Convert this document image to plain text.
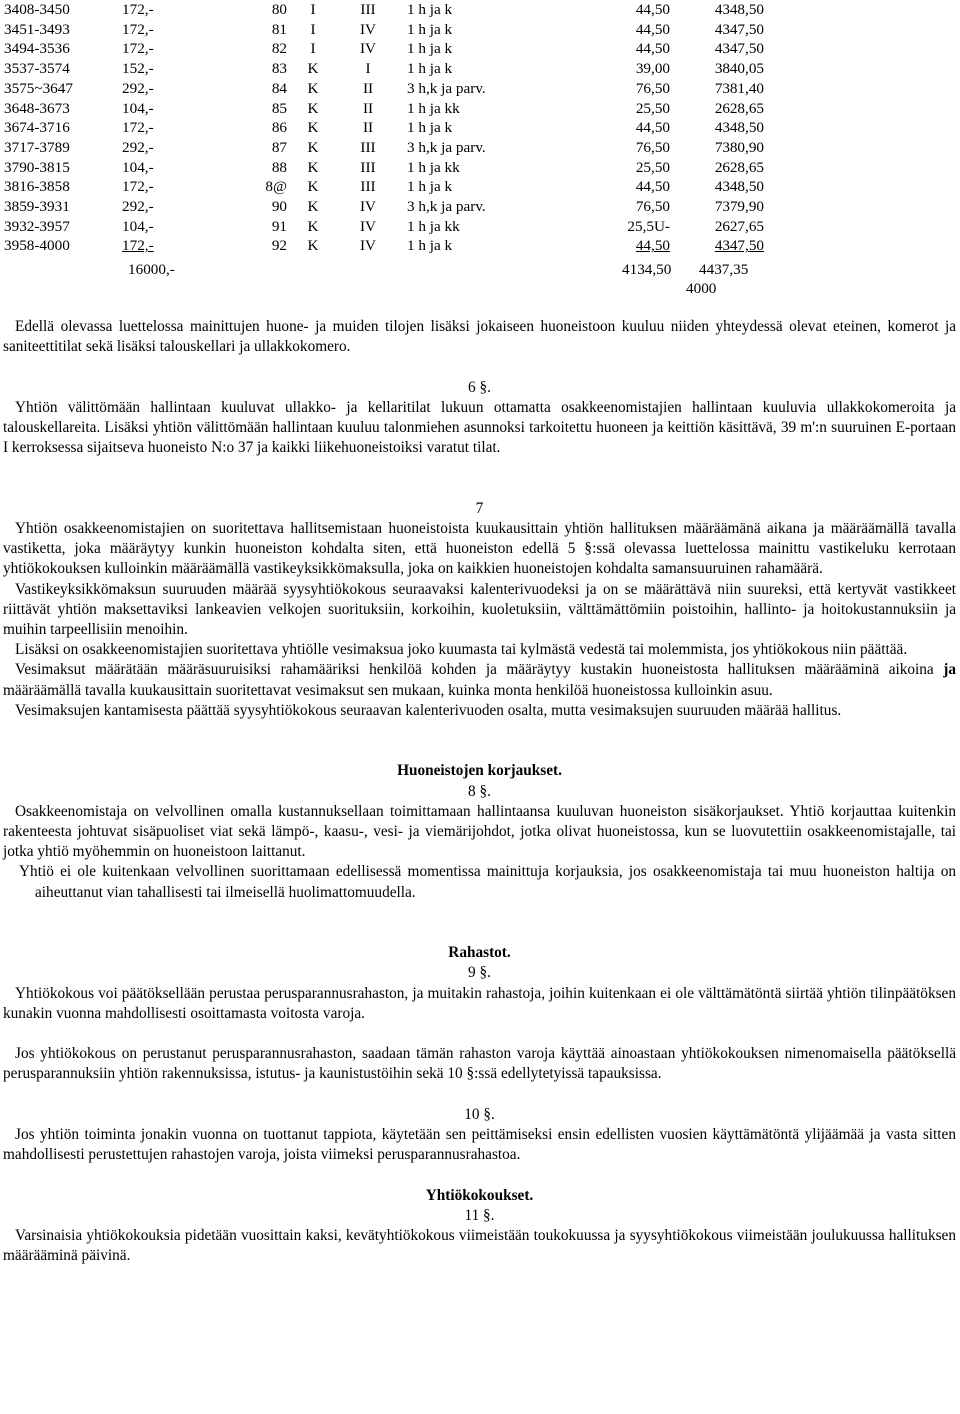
3408-3450	172,-	80 I	III 1 h ja k	44,50	43 48,50
3451-3493	172,-	81 I	IV 1 h ja k	44,50	43 47,50
3494-3536	172,-	82 I	IV 1 h ja k	44,50	43 47,50
3537-3574	152,-	83 K	I 1 h ja k	39,00	38 40,05
3575~3647	292,-	84 K	II 3 h,k ja parv.	76,50	73 81,40
3648-3673	104,-	85 K	II 1 h ja kk	25,50	26 28,65
3674-3716	172,-	86 K	II 1 h ja k	44,50	43 48,50
3717-3789	292,-	87 K	III 3 h,k ja parv.	76,50	73 80,90
3790-3815	104,-	88 K	III 1 h ja kk	25,50	26 28,65
3816-3858	172,-	8@ K	III 1 h ja k	44,50	43 48,50
3859-3931	292,-	90 K	IV 3 h,k ja parv.	76,50	73 79,90
3932-3957	104,-	91 K	IV 1 h ja kk	25,5U-	26 27,65
3958-4000	172,-	92 K	IV 1 h ja k	44,50	43 47,50
16000,-	4134,50 4437,35
4000

Edellä olevassa luettelossa mainittujen huone- ja muiden tilojen lisäksi jokaiseen huoneistoon kuuluu niiden yhteydessä olevat eteinen, komerot ja saniteettitilat sekä lisäksi talouskellari ja ullakkokomero.

6 §.

Yhtiön välittömään hallintaan kuuluvat ullakko- ja kellaritilat lukuun ottamatta osakkeenomistajien hallintaan kuuluvia ullakkokomeroita ja talouskellareita. Lisäksi yhtiön välittömään hallintaan kuuluu talonmiehen asunnoksi tarkoitettu huoneen ja keittiön käsittävä, 39 m':n suuruinen E-portaan I kerroksessa sijaitseva huoneisto N:o 37 ja kaikki liikehuoneistoiksi varatut tilat.

7

Yhtiön osakkeenomistajien on suoritettava hallitsemistaan huoneistoista kuukausittain yhtiön hallituksen määräämänä aikana ja määräämällä tavalla vastiketta, joka määräytyy kunkin huoneiston kohdalta siten, että huoneiston edellä 5 §:ssä olevassa luettelossa mainittu vastikeluku kerrotaan yhtiökokouksen kulloinkin määräämällä vastikeyksikkömaksulla, joka on kaikkien huoneistojen kohdalta samansuuruinen rahamäärä.

Vastikeyksikkömaksun suuruuden määrää syysyhtiökokous seuraavaksi kalenterivuodeksi ja on se määrättävä niin suureksi, että kertyvät vastikkeet riittävät yhtiön maksettaviksi lankeavien velkojen suorituksiin, korkoihin, kuoletuksiin, välttämättömiin poistoihin, hallinto- ja hoitokustannuksiin ja muihin tarpeellisiin menoihin.

Lisäksi on osakkeenomistajien suoritettava yhtiölle vesimaksua joko kuumasta tai kylmästä vedestä tai molemmista, jos yhtiökokous niin päättää.

Vesimaksut määrätään määräsuuruisiksi rahamääriksi henkilöä kohden ja määräytyy kustakin huoneistosta hallituksen määrääminä aikoina ja määräämällä tavalla kuukausittain suoritettavat vesimaksut sen mukaan, kuinka monta henkilöä huoneistossa kulloinkin asuu.

Vesimaksujen kantamisesta päättää syysyhtiökokous seuraavan kalenterivuoden osalta, mutta vesimaksujen suuruuden määrää hallitus.

Huoneistojen korjaukset.

8 §.

Osakkeenomistaja on velvollinen omalla kustannuksellaan toimittamaan hallintaansa kuuluvan huoneiston sisäkorjaukset. Yhtiö korjauttaa kuitenkin rakenteesta johtuvat sisäpuoliset viat sekä lämpö-, kaasu-, vesi- ja viemärijohdot, jotka olivat huoneistossa, kun se luovutettiin osakkeenomistajalle, tai jotka yhtiö myöhemmin on huoneistoon laittanut.

Yhtiö ei ole kuitenkaan velvollinen suorittamaan edellisessä momentissa mainittuja korjauksia, jos osakkeenomistaja tai muu huoneiston haltija on aiheuttanut vian tahallisesti tai ilmeisellä huolimattomuudella.

Rahastot.

9 §.

Yhtiökokous voi päätöksellään perustaa perusparannusrahaston, ja muitakin rahastoja, joihin kuitenkaan ei ole välttämätöntä siirtää yhtiön tilinpäätöksen kunakin vuonna mahdollisesti osoittamasta voitosta varoja.

Jos yhtiökokous on perustanut perusparannusrahaston, saadaan tämän rahaston varoja käyttää ainoastaan yhtiökokouksen nimenomaisella päätöksellä perusparannuksiin yhtiön rakennuksissa, istutus- ja kaunistustöihin sekä 10 §:ssä edellytetyissä tapauksissa.

10 §.

Jos yhtiön toiminta jonakin vuonna on tuottanut tappiota, käytetään sen peittämiseksi ensin edellisten vuosien käyttämätöntä ylijäämää ja vasta sitten mahdollisesti perustettujen rahastojen varoja, joista viimeksi perusparannusrahastoa.

Yhtiökokoukset.

11 §.

Varsinaisia yhtiökokouksia pidetään vuosittain kaksi, kevätyhtiökokous viimeistään toukokuussa ja syysyhtiökokous viimeistään joulukuussa hallituksen määrääminä päivinä.
